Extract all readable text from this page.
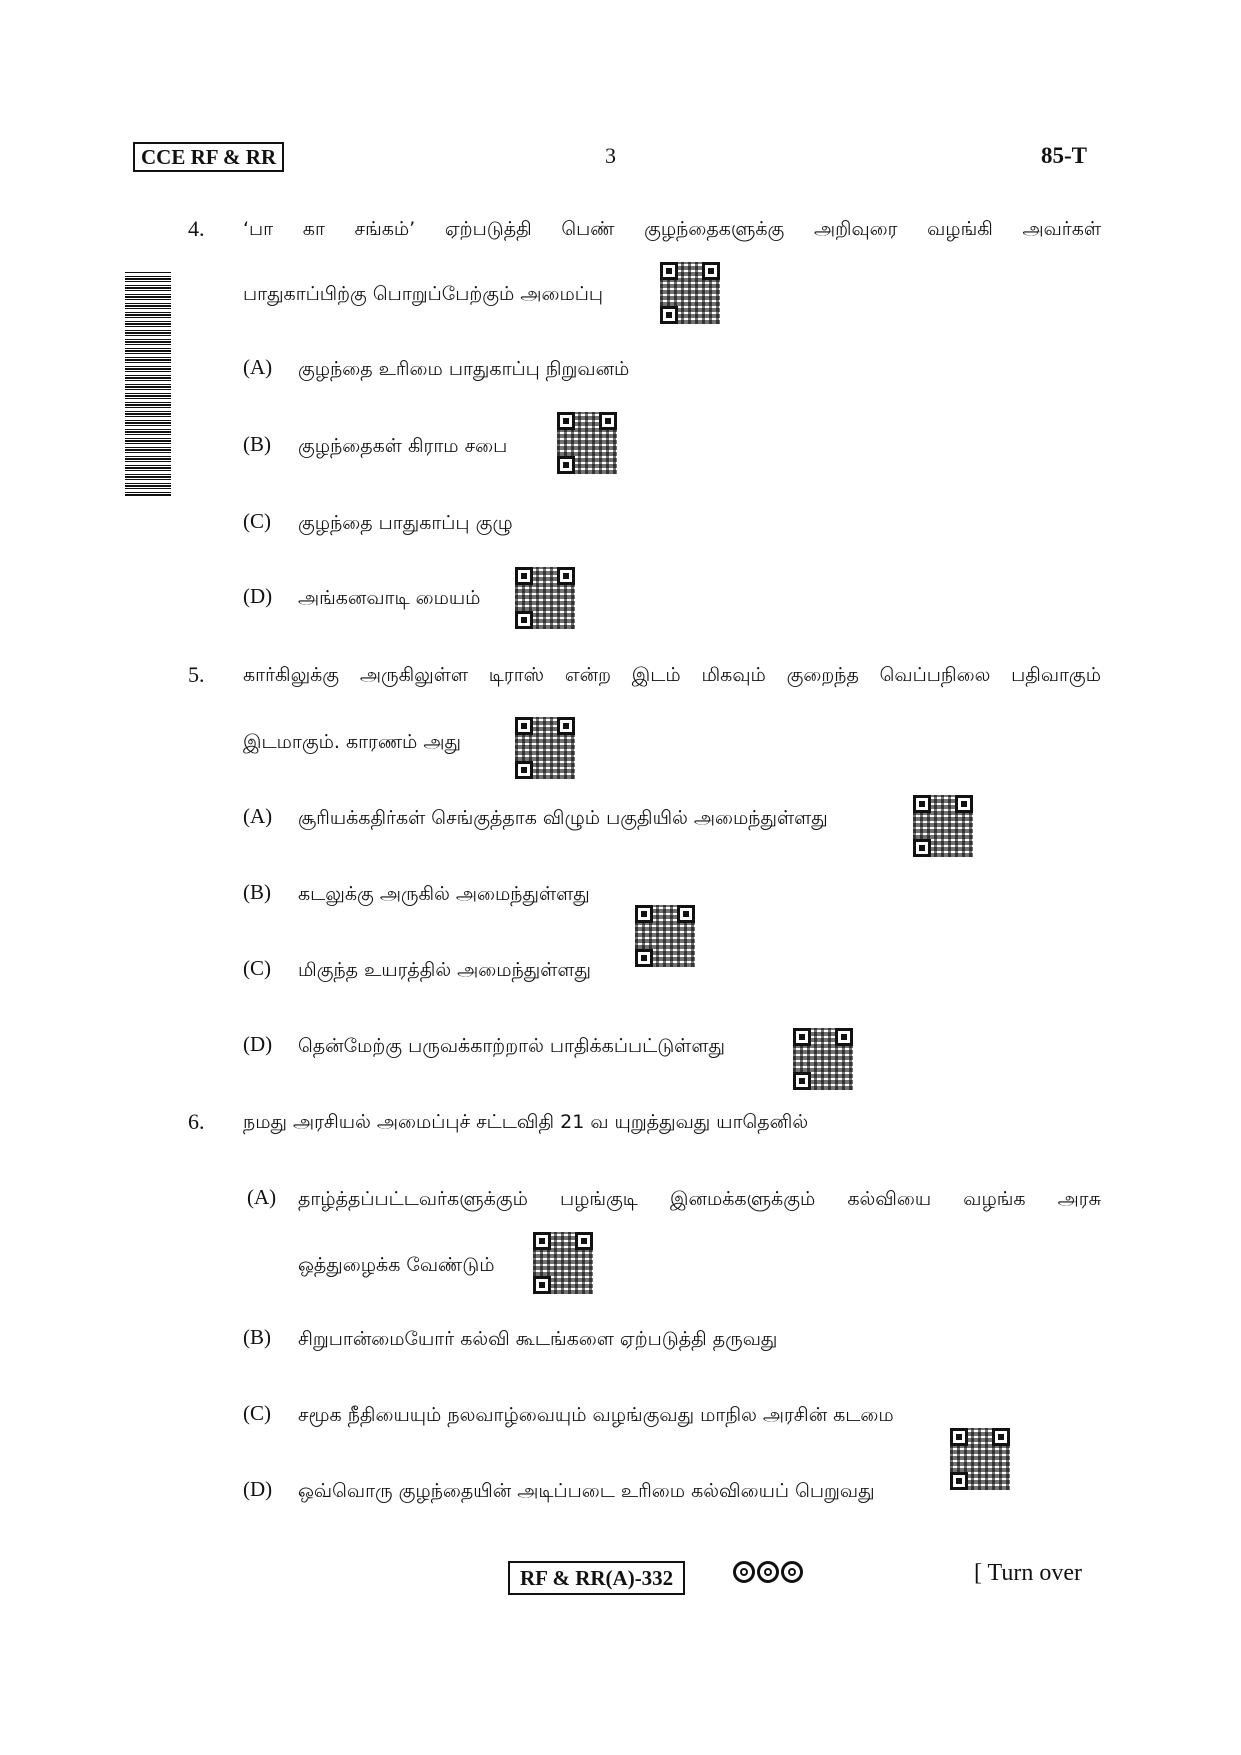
CCE RF & RR	3	85-T
4. ‘பா கா சங்கம்’ ஏற்படுத்தி பெண் குழந்தைகளுக்கு அறிவுரை வழங்கி அவர்கள்
பாதுகாப்பிற்கு பொறுப்பேற்கும் அமைப்பு
(A) குழந்தை உரிமை பாதுகாப்பு நிறுவனம்
(B) குழந்தைகள் கிராம சபை
(C) குழந்தை பாதுகாப்பு குழு
(D) அங்கனவாடி மையம்
5. கார்கிலுக்கு அருகிலுள்ள டிராஸ் என்ற இடம் மிகவும் குறைந்த வெப்பநிலை பதிவாகும்
இடமாகும். காரணம் அது
(A) சூரியக்கதிர்கள் செங்குத்தாக விழும் பகுதியில் அமைந்துள்ளது
(B) கடலுக்கு அருகில் அமைந்துள்ளது
(C) மிகுந்த உயரத்தில் அமைந்துள்ளது
(D) தென்மேற்கு பருவக்காற்றால் பாதிக்கப்பட்டுள்ளது
6. நமது அரசியல் அமைப்புச் சட்டவிதி 21 வ யுறுத்துவது யாதெனில்
(A) தாழ்த்தப்பட்டவர்களுக்கும் பழங்குடி இனமக்களுக்கும் கல்வியை வழங்க அரசு
ஒத்துழைக்க வேண்டும்
(B) சிறுபான்மையோர் கல்வி கூடங்களை ஏற்படுத்தி தருவது
(C) சமூக நீதியையும் நலவாழ்வையும் வழங்குவது மாநில அரசின் கடமை
(D) ஒவ்வொரு குழந்தையின் அடிப்படை உரிமை கல்வியைப் பெறுவது
RF & RR(A)-332	[ Turn over
